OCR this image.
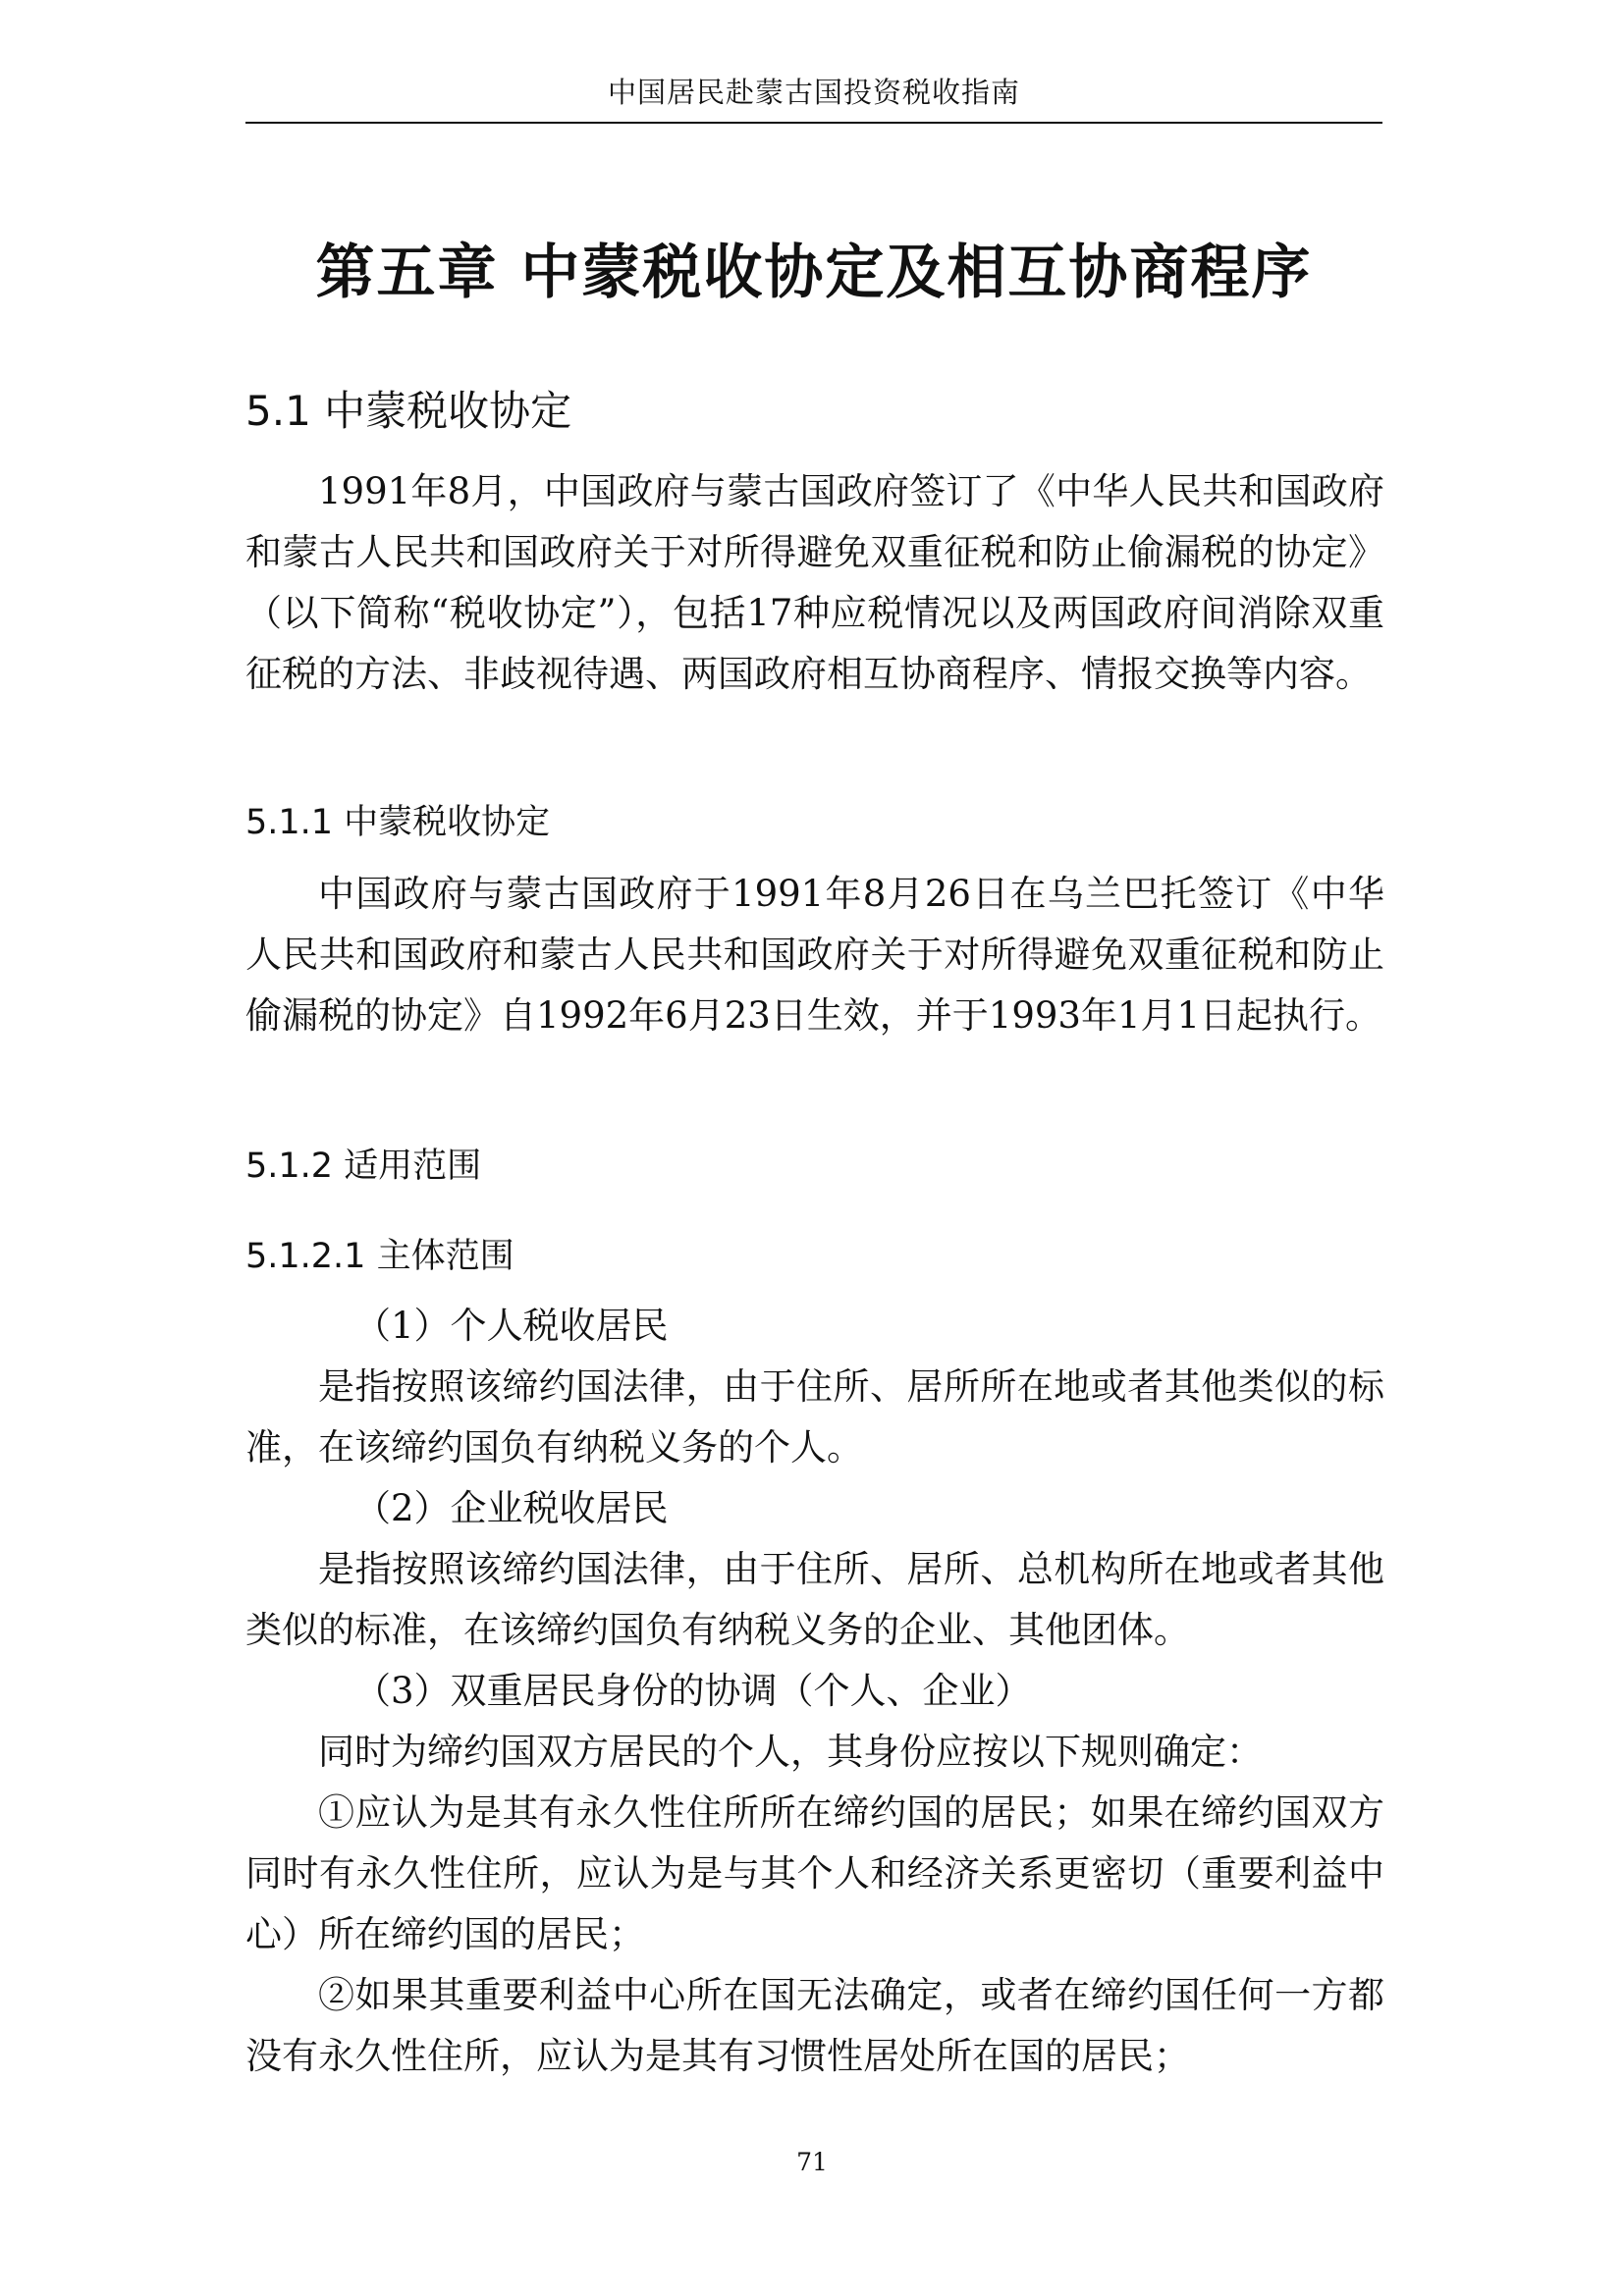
中国居民赴蒙古国投资税收指南
第五章 中蒙税收协定及相互协商程序
5.1 中蒙税收协定
1991年8月，中国政府与蒙古国政府签订了《中华人民共和国政府和蒙古人民共和国政府关于对所得避免双重征税和防止偷漏税的协定》（以下简称“税收协定”），包括17种应税情况以及两国政府间消除双重征税的方法、非歧视待遇、两国政府相互协商程序、情报交换等内容。
5.1.1 中蒙税收协定
中国政府与蒙古国政府于1991年8月26日在乌兰巴托签订《中华人民共和国政府和蒙古人民共和国政府关于对所得避免双重征税和防止偷漏税的协定》自1992年6月23日生效，并于1993年1月1日起执行。
5.1.2 适用范围
5.1.2.1 主体范围
（1）个人税收居民
是指按照该缔约国法律，由于住所、居所所在地或者其他类似的标准，在该缔约国负有纳税义务的个人。
（2）企业税收居民
是指按照该缔约国法律，由于住所、居所、总机构所在地或者其他类似的标准，在该缔约国负有纳税义务的企业、其他团体。
（3）双重居民身份的协调（个人、企业）
同时为缔约国双方居民的个人，其身份应按以下规则确定：
①应认为是其有永久性住所所在缔约国的居民；如果在缔约国双方同时有永久性住所，应认为是与其个人和经济关系更密切（重要利益中心）所在缔约国的居民；
②如果其重要利益中心所在国无法确定，或者在缔约国任何一方都没有永久性住所，应认为是其有习惯性居处所在国的居民；
71
